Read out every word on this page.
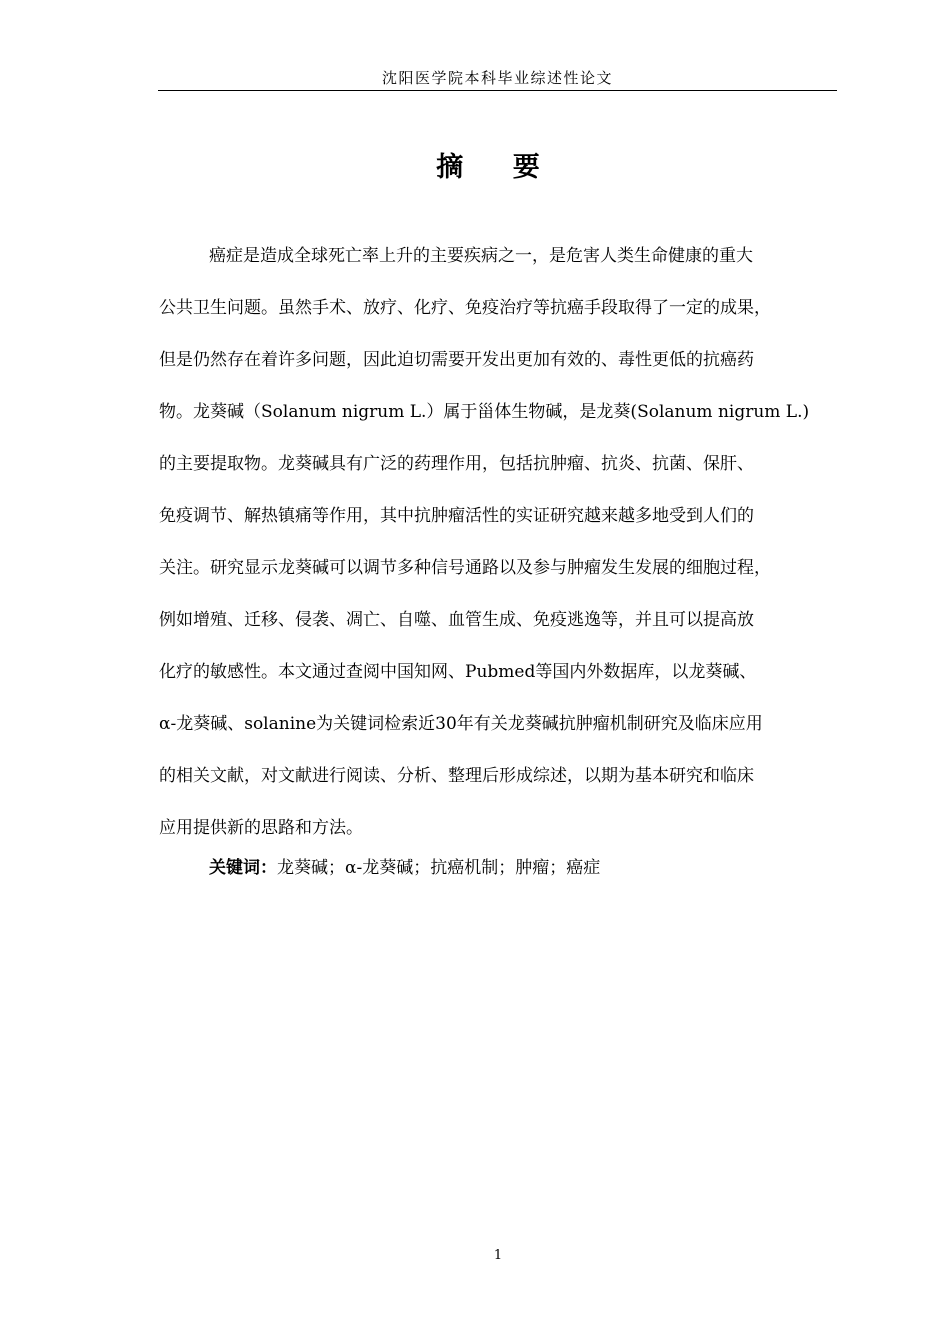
沈阳医学院本科毕业综述性论文
摘 要
癌症是造成全球死亡率上升的主要疾病之一，是危害人类生命健康的重大
公共卫生问题。虽然手术、放疗、化疗、免疫治疗等抗癌手段取得了一定的成果，
但是仍然存在着许多问题，因此迫切需要开发出更加有效的、毒性更低的抗癌药
物。龙葵碱（Solanum nigrum L.）属于甾体生物碱，是龙葵(Solanum nigrum L.)
的主要提取物。龙葵碱具有广泛的药理作用，包括抗肿瘤、抗炎、抗菌、保肝、
免疫调节、解热镇痛等作用，其中抗肿瘤活性的实证研究越来越多地受到人们的
关注。研究显示龙葵碱可以调节多种信号通路以及参与肿瘤发生发展的细胞过程，
例如增殖、迁移、侵袭、凋亡、自噬、血管生成、免疫逃逸等，并且可以提高放
化疗的敏感性。本文通过查阅中国知网、Pubmed等国内外数据库，以龙葵碱、
α-龙葵碱、solanine为关键词检索近30年有关龙葵碱抗肿瘤机制研究及临床应用
的相关文献，对文献进行阅读、分析、整理后形成综述，以期为基本研究和临床
应用提供新的思路和方法。
关键词：龙葵碱；α-龙葵碱；抗癌机制；肿瘤；癌症
1
